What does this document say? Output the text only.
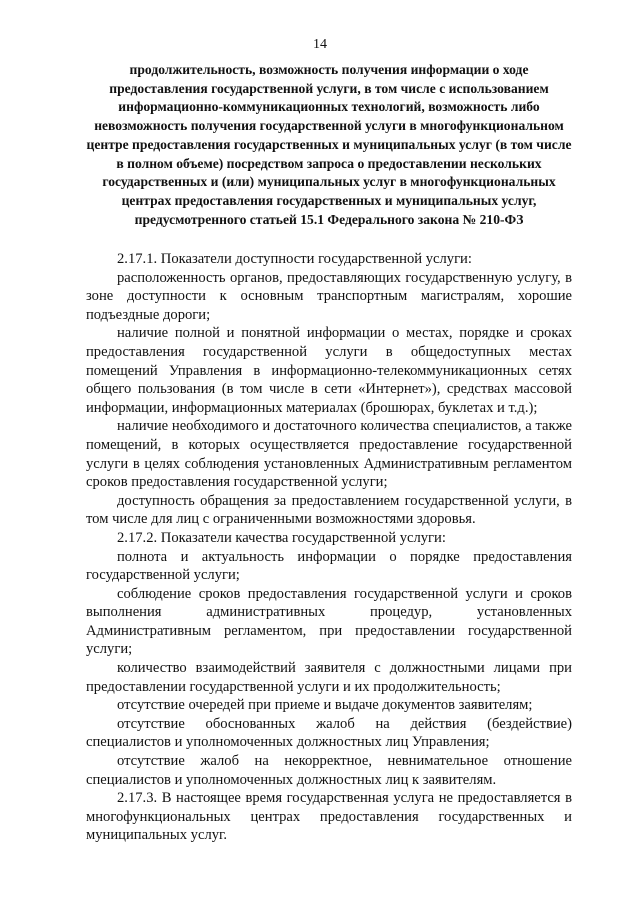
14

продолжительность, возможность получения информации о ходе предоставления государственной услуги, в том числе с использованием информационно-коммуникационных технологий, возможность либо невозможность получения государственной услуги в многофункциональном центре предоставления государственных и муниципальных услуг (в том числе в полном объеме) посредством запроса о предоставлении нескольких государственных и (или) муниципальных услуг в многофункциональных центрах предоставления государственных и муниципальных услуг, предусмотренного статьей 15.1 Федерального закона № 210-ФЗ

2.17.1. Показатели доступности государственной услуги:

расположенность органов, предоставляющих государственную услугу, в зоне доступности к основным транспортным магистралям, хорошие подъездные дороги;

наличие полной и понятной информации о местах, порядке и сроках предоставления государственной услуги в общедоступных местах помещений Управления в информационно-телекоммуникационных сетях общего пользования (в том числе в сети «Интернет»), средствах массовой информации, информационных материалах (брошюрах, буклетах и т.д.);

наличие необходимого и достаточного количества специалистов, а также помещений, в которых осуществляется предоставление государственной услуги в целях соблюдения установленных Административным регламентом сроков предоставления государственной услуги;

доступность обращения за предоставлением государственной услуги, в том числе для лиц с ограниченными возможностями здоровья.

2.17.2. Показатели качества государственной услуги:

полнота и актуальность информации о порядке предоставления государственной услуги;

соблюдение сроков предоставления государственной услуги и сроков выполнения административных процедур, установленных Административным регламентом, при предоставлении государственной услуги;

количество взаимодействий заявителя с должностными лицами при предоставлении государственной услуги и их продолжительность;

отсутствие очередей при приеме и выдаче документов заявителям;

отсутствие обоснованных жалоб на действия (бездействие) специалистов и уполномоченных должностных лиц Управления;

отсутствие жалоб на некорректное, невнимательное отношение специалистов и уполномоченных должностных лиц к заявителям.

2.17.3. В настоящее время государственная услуга не предоставляется в многофункциональных центрах предоставления государственных и муниципальных услуг.
